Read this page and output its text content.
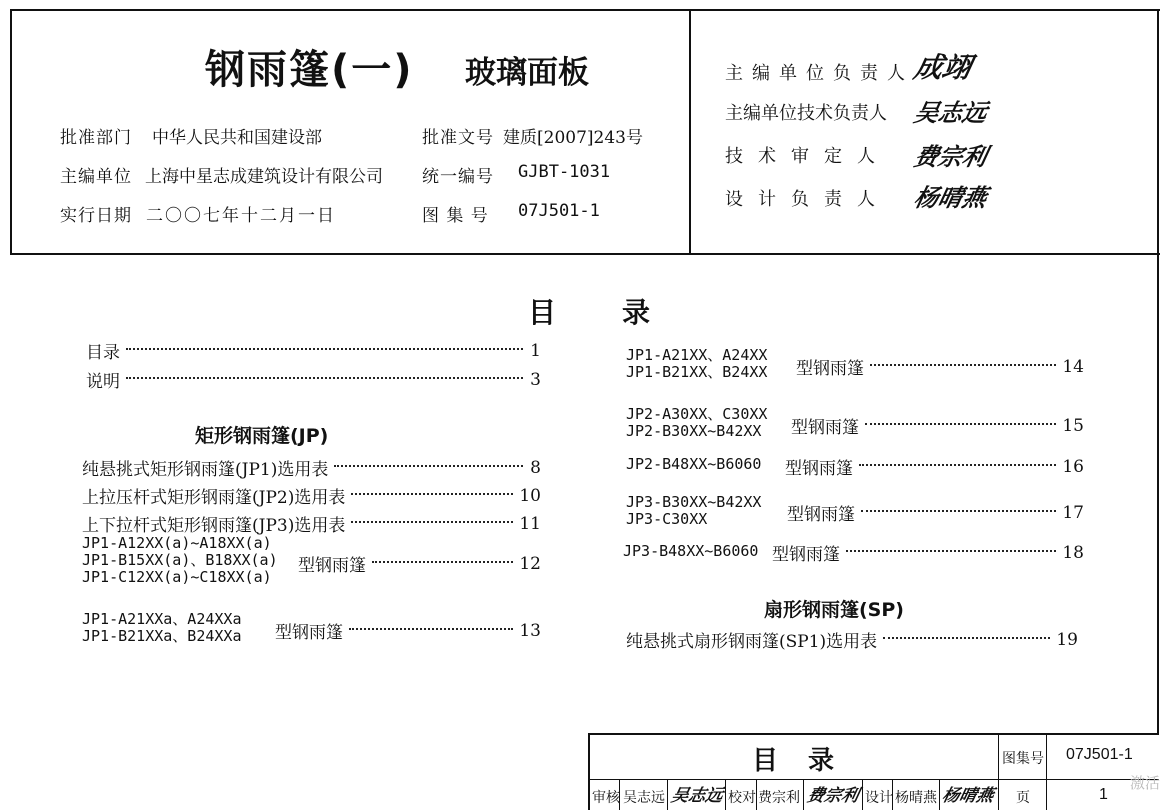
钢雨篷(一) 玻璃面板
批准部门 中华人民共和国建设部	批准文号 建质[2007]243号
主编单位 上海中星志成建筑设计有限公司 统一编号 GJBT-1031
实行日期 二〇〇七年十二月一日	图 集 号 07J501-1
主编单位负责人
成翊
主编单位技术负责人 吴志远
技术审定人 费宗利
设计负责人 杨晴燕
目 录
目录	1
说明	3
矩形钢雨篷(JP)
纯悬挑式矩形钢雨篷(JP1)选用表	8
上拉压杆式矩形钢雨篷(JP2)选用表	10
上下拉杆式矩形钢雨篷(JP3)选用表	11
JP1-A12XX(a)~A18XX(a)
JP1-B15XX(a)、B18XX(a)
JP1-C12XX(a)~C18XX(a)
型钢雨篷	12
JP1-A21XXa、A24XXa
JP1-B21XXa、B24XXa 型钢雨篷	13
JP1-A21XX、A24XX
JP1-B21XX、B24XX 型钢雨篷	14
JP2-A30XX、C30XX
JP2-B30XX~B42XX	型钢雨篷	15
JP2-B48XX~B6060 型钢雨篷	16
JP3-B30XX~B42XX
JP3-C30XX	型钢雨篷	17
JP3-B48XX~B6060 型钢雨篷	18
扇形钢雨篷(SP)
纯悬挑式扇形钢雨篷(SP1)选用表	19
目 录	图集号 07J501-1
审核 吴志远 吴志远 校对 费宗利 费宗利 设计 杨晴燕 杨晴燕 页	1
激活
